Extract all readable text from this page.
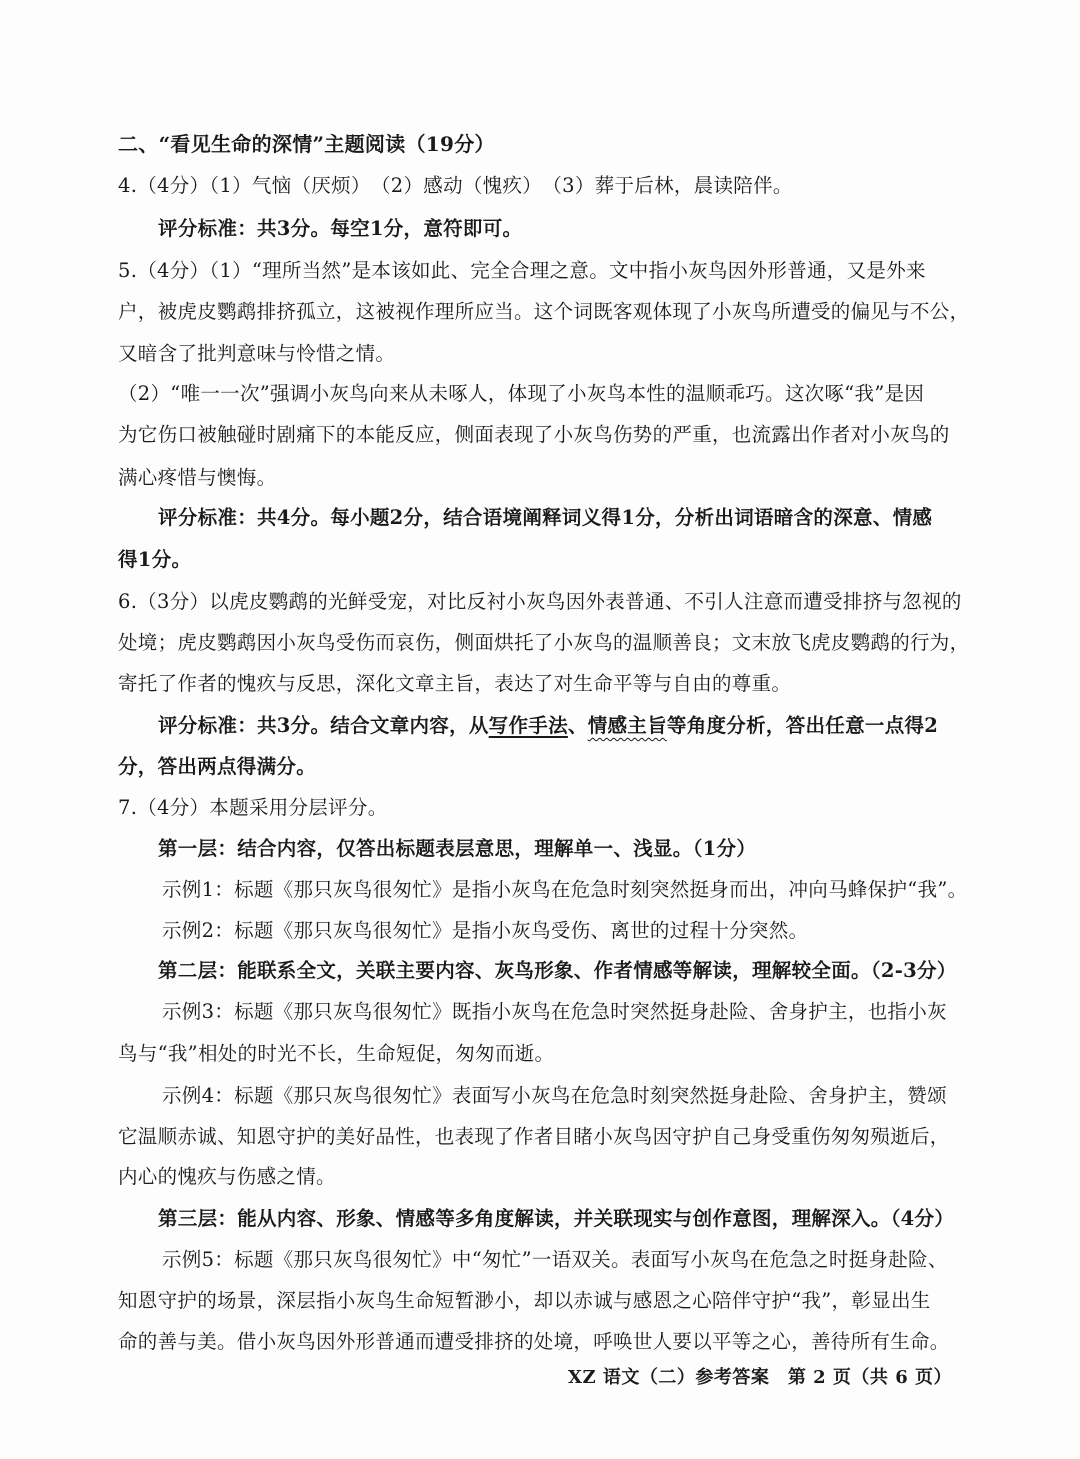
二、“看见生命的深情”主题阅读（19分）
4.（4分）（1）气恼（厌烦）　（2）感动（愧疚）　（3）葬于后林，晨读陪伴。
评分标准：共3分。每空1分，意符即可。
5.（4分）（1）“理所当然”是本该如此、完全合理之意。文中指小灰鸟因外形普通，又是外来
户，被虎皮鹦鹉排挤孤立，这被视作理所应当。这个词既客观体现了小灰鸟所遭受的偏见与不公，
又暗含了批判意味与怜惜之情。
（2）“唯一一次”强调小灰鸟向来从未啄人，体现了小灰鸟本性的温顺乖巧。这次啄“我”是因
为它伤口被触碰时剧痛下的本能反应，侧面表现了小灰鸟伤势的严重，也流露出作者对小灰鸟的
满心疼惜与懊悔。
评分标准：共4分。每小题2分，结合语境阐释词义得1分，分析出词语暗含的深意、情感
得1分。
6.（3分）以虎皮鹦鹉的光鲜受宠，对比反衬小灰鸟因外表普通、不引人注意而遭受排挤与忽视的
处境；虎皮鹦鹉因小灰鸟受伤而哀伤，侧面烘托了小灰鸟的温顺善良；文末放飞虎皮鹦鹉的行为，
寄托了作者的愧疚与反思，深化文章主旨，表达了对生命平等与自由的尊重。
评分标准：共3分。结合文章内容，从写作手法、情感主旨等角度分析，答出任意一点得2
分，答出两点得满分。
7.（4分）本题采用分层评分。
第一层：结合内容，仅答出标题表层意思，理解单一、浅显。（1分）
示例1：标题《那只灰鸟很匆忙》是指小灰鸟在危急时刻突然挺身而出，冲向马蜂保护“我”。
示例2：标题《那只灰鸟很匆忙》是指小灰鸟受伤、离世的过程十分突然。
第二层：能联系全文，关联主要内容、灰鸟形象、作者情感等解读，理解较全面。（2-3分）
示例3：标题《那只灰鸟很匆忙》既指小灰鸟在危急时突然挺身赴险、舍身护主，也指小灰
鸟与“我”相处的时光不长，生命短促，匆匆而逝。
示例4：标题《那只灰鸟很匆忙》表面写小灰鸟在危急时刻突然挺身赴险、舍身护主，赞颂
它温顺赤诚、知恩守护的美好品性，也表现了作者目睹小灰鸟因守护自己身受重伤匆匆殒逝后，
内心的愧疚与伤感之情。
第三层：能从内容、形象、情感等多角度解读，并关联现实与创作意图，理解深入。（4分）
示例5：标题《那只灰鸟很匆忙》中“匆忙”一语双关。表面写小灰鸟在危急之时挺身赴险、
知恩守护的场景，深层指小灰鸟生命短暂渺小，却以赤诚与感恩之心陪伴守护“我”，彰显出生
命的善与美。借小灰鸟因外形普通而遭受排挤的处境，呼唤世人要以平等之心，善待所有生命。
XZ 语文（二）参考答案　第 2 页（共 6 页）
